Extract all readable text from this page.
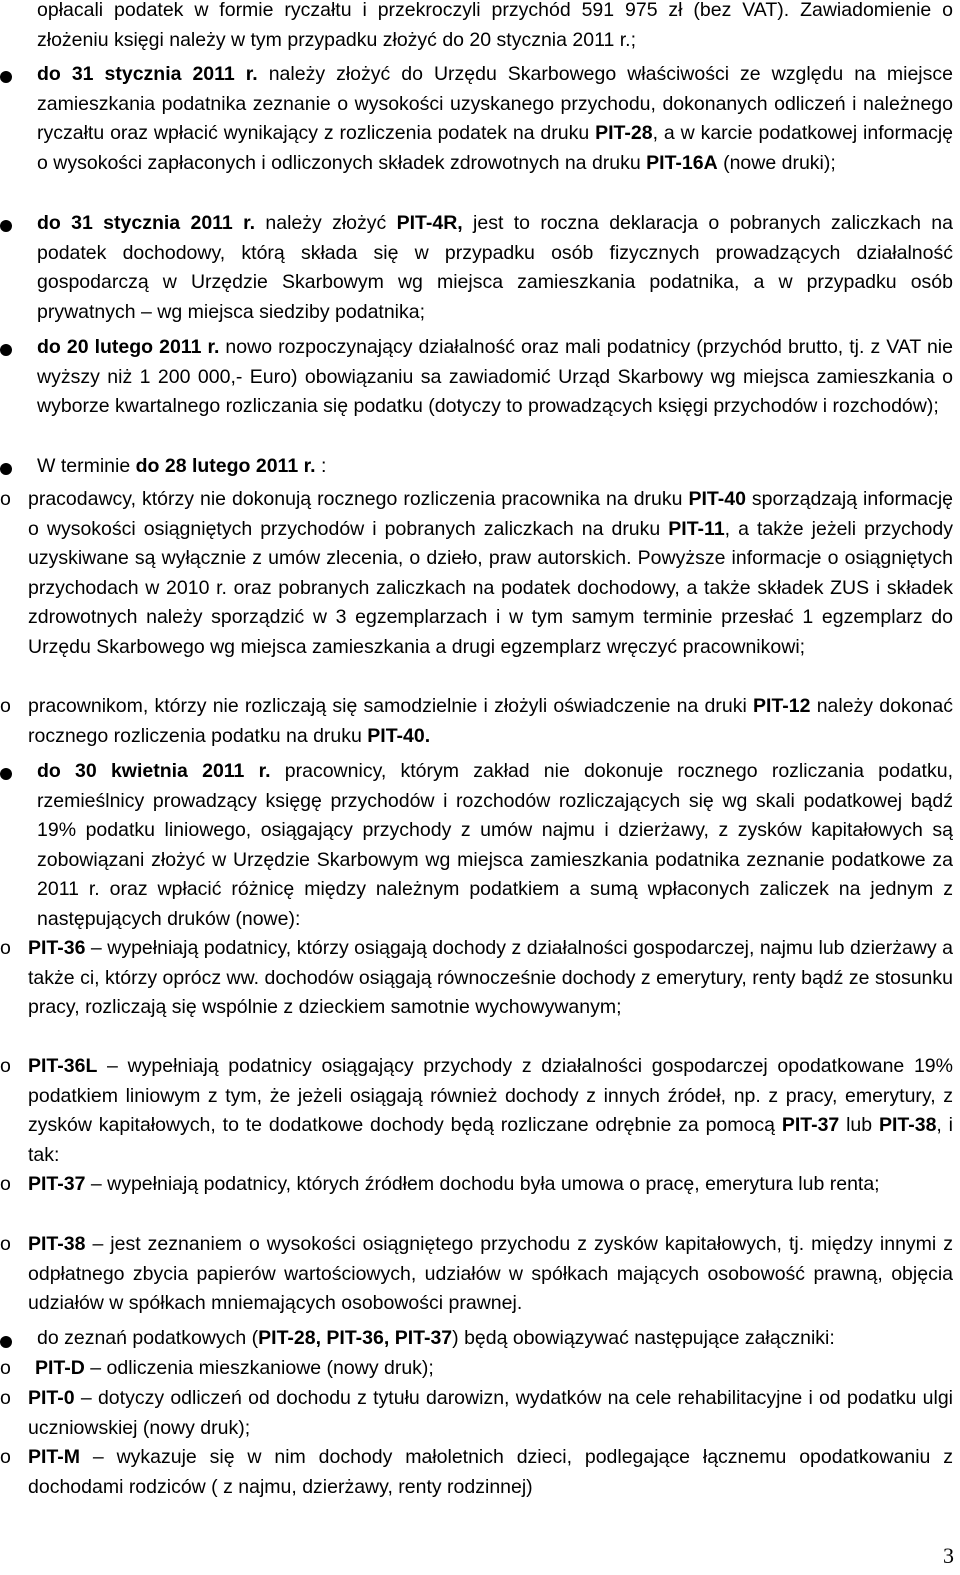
opłacali podatek w formie ryczałtu i przekroczyli przychód 591 975 zł (bez VAT). Zawiadomienie o złożeniu księgi należy w tym przypadku złożyć do 20 stycznia 2011 r.;

do 31 stycznia 2011 r. należy złożyć do Urzędu Skarbowego właściwości ze względu na miejsce zamieszkania podatnika zeznanie o wysokości uzyskanego przychodu, dokonanych odliczeń i należnego ryczałtu oraz wpłacić wynikający z rozliczenia podatek na druku PIT-28, a w karcie podatkowej informację o wysokości zapłaconych i odliczonych składek zdrowotnych na druku PIT-16A (nowe druki);

do 31 stycznia 2011 r. należy złożyć PIT-4R, jest to roczna deklaracja o pobranych zaliczkach na podatek dochodowy, którą składa się w przypadku osób fizycznych prowadzących działalność gospodarczą w Urzędzie Skarbowym wg miejsca zamieszkania podatnika, a w przypadku osób prywatnych – wg miejsca siedziby podatnika;

do 20 lutego 2011 r. nowo rozpoczynający działalność oraz mali podatnicy (przychód brutto, tj. z VAT nie wyższy niż 1 200 000,- Euro) obowiązaniu sa zawiadomić Urząd Skarbowy wg miejsca zamieszkania o wyborze kwartalnego rozliczania się podatku (dotyczy to prowadzących księgi przychodów i rozchodów);

W terminie do 28 lutego 2011 r. :

o pracodawcy, którzy nie dokonują rocznego rozliczenia pracownika na druku PIT-40 sporządzają informację o wysokości osiągniętych przychodów i pobranych zaliczkach na druku PIT-11, a także jeżeli przychody uzyskiwane są wyłącznie z umów zlecenia, o dzieło, praw autorskich. Powyższe informacje o osiągniętych przychodach w 2010 r. oraz pobranych zaliczkach na podatek dochodowy, a także składek ZUS i składek zdrowotnych należy sporządzić w 3 egzemplarzach i w tym samym terminie przesłać 1 egzemplarz do Urzędu Skarbowego wg miejsca zamieszkania a drugi egzemplarz wręczyć pracownikowi;

o pracownikom, którzy nie rozliczają się samodzielnie i złożyli oświadczenie na druki PIT-12 należy dokonać rocznego rozliczenia podatku na druku PIT-40.

do 30 kwietnia 2011 r. pracownicy, którym zakład nie dokonuje rocznego rozliczania podatku, rzemieślnicy prowadzący księgę przychodów i rozchodów rozliczających się wg skali podatkowej bądź 19% podatku liniowego, osiągający przychody z umów najmu i dzierżawy, z zysków kapitałowych są zobowiązani złożyć w Urzędzie Skarbowym wg miejsca zamieszkania podatnika zeznanie podatkowe za 2011 r. oraz wpłacić różnicę między należnym podatkiem a sumą wpłaconych zaliczek na jednym z następujących druków (nowe):

o PIT-36 – wypełniają podatnicy, którzy osiągają dochody z działalności gospodarczej, najmu lub dzierżawy a także ci, którzy oprócz ww. dochodów osiągają równocześnie dochody z emerytury, renty bądź ze stosunku pracy, rozliczają się wspólnie z dzieckiem samotnie wychowywanym;

o PIT-36L – wypełniają podatnicy osiągający przychody z działalności gospodarczej opodatkowane 19% podatkiem liniowym z tym, że jeżeli osiągają również dochody z innych źródeł, np. z pracy, emerytury, z zysków kapitałowych, to te dodatkowe dochody będą rozliczane odrębnie za pomocą PIT-37 lub PIT-38, i tak:

o PIT-37 – wypełniają podatnicy, których źródłem dochodu była umowa o pracę, emerytura lub renta;

o PIT-38 – jest zeznaniem o wysokości osiągniętego przychodu z zysków kapitałowych, tj. między innymi z odpłatnego zbycia papierów wartościowych, udziałów w spółkach mających osobowość prawną, objęcia udziałów w spółkach mniemających osobowości prawnej.

do zeznań podatkowych (PIT-28, PIT-36, PIT-37) będą obowiązywać następujące załączniki:

o PIT-D – odliczenia mieszkaniowe (nowy druk);

o PIT-0 – dotyczy odliczeń od dochodu z tytułu darowizn, wydatków na cele rehabilitacyjne i od podatku ulgi uczniowskiej (nowy druk);

o PIT-M – wykazuje się w nim dochody małoletnich dzieci, podlegające łącznemu opodatkowaniu z dochodami rodziców ( z najmu, dzierżawy, renty rodzinnej)

3
